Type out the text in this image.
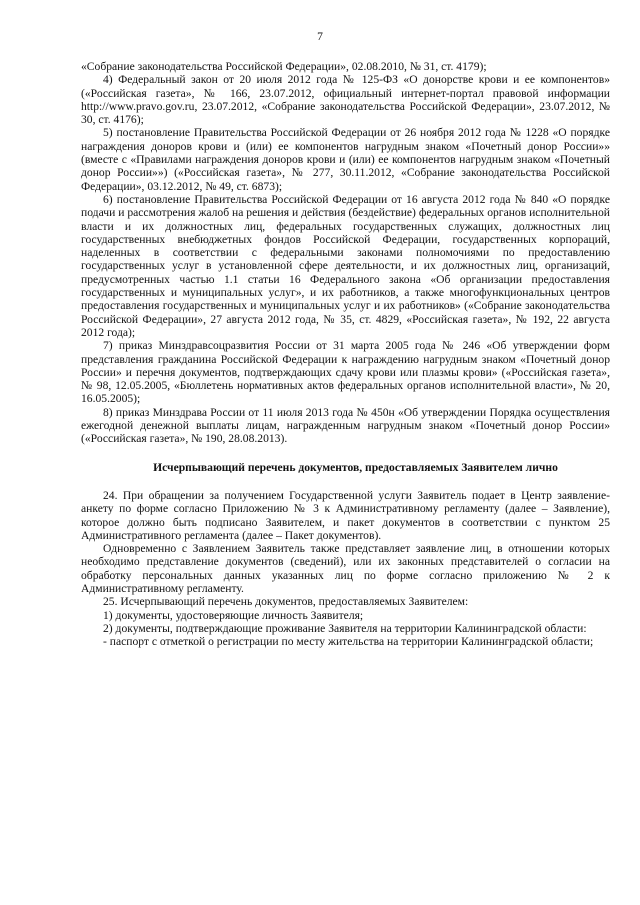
7

«Собрание законодательства Российской Федерации», 02.08.2010, № 31, ст. 4179);

4) Федеральный закон от 20 июля 2012 года № 125-ФЗ «О донорстве крови и ее компонентов» («Российская газета», № 166, 23.07.2012, официальный интернет-портал правовой информации http://www.pravo.gov.ru, 23.07.2012, «Собрание законодательства Российской Федерации», 23.07.2012, № 30, ст. 4176);

5) постановление Правительства Российской Федерации от 26 ноября 2012 года № 1228 «О порядке награждения доноров крови и (или) ее компонентов нагрудным знаком «Почетный донор России»» (вместе с «Правилами награждения доноров крови и (или) ее компонентов нагрудным знаком «Почетный донор России»») («Российская газета», № 277, 30.11.2012, «Собрание законодательства Российской Федерации», 03.12.2012, № 49, ст. 6873);

6) постановление Правительства Российской Федерации от 16 августа 2012 года № 840 «О порядке подачи и рассмотрения жалоб на решения и действия (бездействие) федеральных органов исполнительной власти и их должностных лиц, федеральных государственных служащих, должностных лиц государственных внебюджетных фондов Российской Федерации, государственных корпораций, наделенных в соответствии с федеральными законами полномочиями по предоставлению государственных услуг в установленной сфере деятельности, и их должностных лиц, организаций, предусмотренных частью 1.1 статьи 16 Федерального закона «Об организации предоставления государственных и муниципальных услуг», и их работников, а также многофункциональных центров предоставления государственных и муниципальных услуг и их работников» («Собрание законодательства Российской Федерации», 27 августа 2012 года, № 35, ст. 4829, «Российская газета», № 192, 22 августа 2012 года);

7) приказ Минздравсоцразвития России от 31 марта 2005 года № 246 «Об утверждении форм представления гражданина Российской Федерации к награждению нагрудным знаком «Почетный донор России» и перечня документов, подтверждающих сдачу крови или плазмы крови» («Российская газета», № 98, 12.05.2005, «Бюллетень нормативных актов федеральных органов исполнительной власти», № 20, 16.05.2005);

8) приказ Минздрава России от 11 июля 2013 года № 450н «Об утверждении Порядка осуществления ежегодной денежной выплаты лицам, награжденным нагрудным знаком «Почетный донор России» («Российская газета», № 190, 28.08.2013).

Исчерпывающий перечень документов, предоставляемых Заявителем лично

24. При обращении за получением Государственной услуги Заявитель подает в Центр заявление-анкету по форме согласно Приложению № 3 к Административному регламенту (далее – Заявление), которое должно быть подписано Заявителем, и пакет документов в соответствии с пунктом 25 Административного регламента (далее – Пакет документов).

Одновременно с Заявлением Заявитель также представляет заявление лиц, в отношении которых необходимо представление документов (сведений), или их законных представителей о согласии на обработку персональных данных указанных лиц по форме согласно приложению № 2 к Административному регламенту.

25. Исчерпывающий перечень документов, предоставляемых Заявителем:

1) документы, удостоверяющие личность Заявителя;

2) документы, подтверждающие проживание Заявителя на территории Калининградской области:

- паспорт с отметкой о регистрации по месту жительства на территории Калининградской области;
